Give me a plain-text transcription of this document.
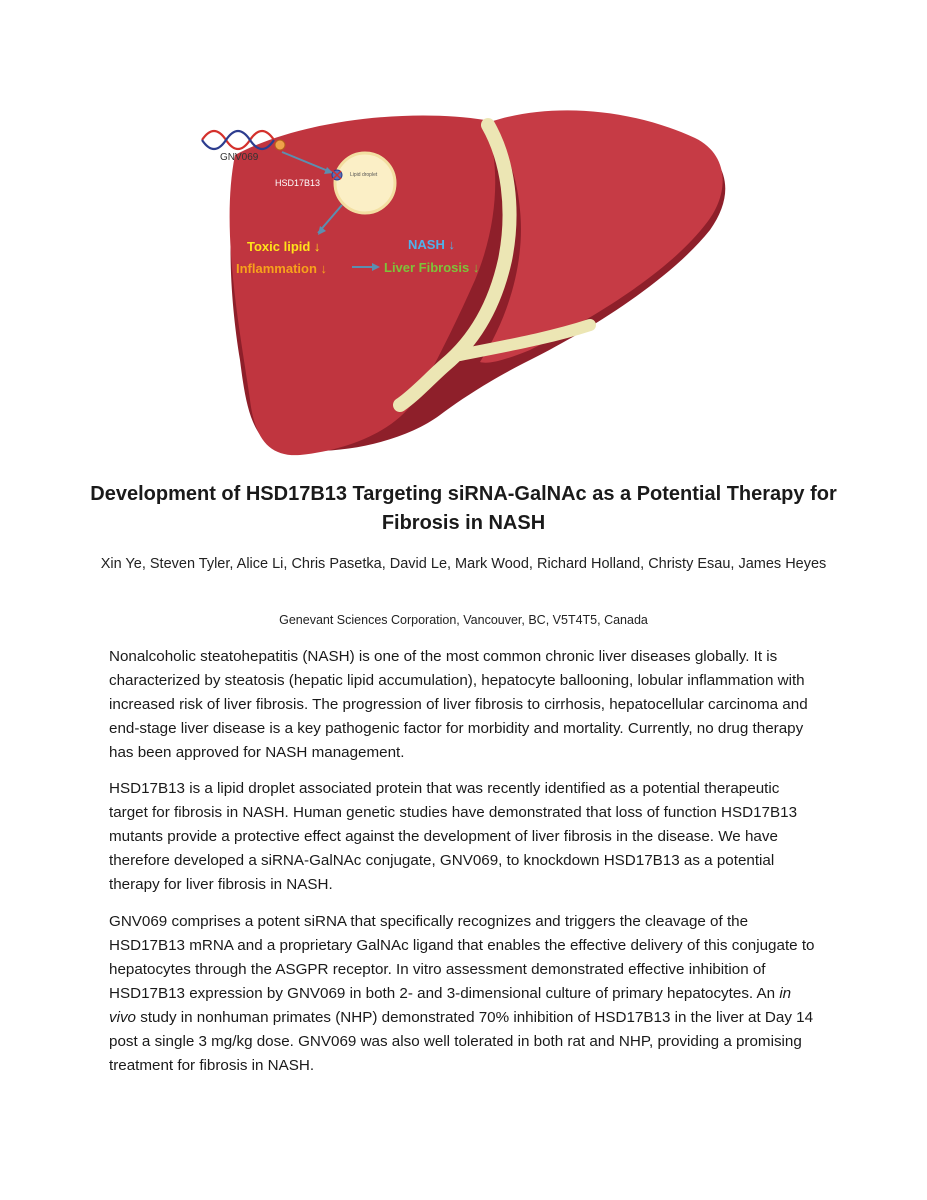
GNV069
HSD17B13
Lipid droplet
Toxic lipid ↓
Inflammation ↓
NASH ↓
Liver Fibrosis ↓
Development of HSD17B13 Targeting siRNA-GalNAc as a Potential Therapy for Fibrosis in NASH
Xin Ye, Steven Tyler, Alice Li, Chris Pasetka, David Le, Mark Wood, Richard Holland, Christy Esau, James Heyes
Genevant Sciences Corporation, Vancouver, BC, V5T4T5, Canada

Nonalcoholic steatohepatitis (NASH) is one of the most common chronic liver diseases globally. It is characterized by steatosis (hepatic lipid accumulation), hepatocyte ballooning, lobular inflammation with increased risk of liver fibrosis. The progression of liver fibrosis to cirrhosis, hepatocellular carcinoma and end-stage liver disease is a key pathogenic factor for morbidity and mortality. Currently, no drug therapy has been approved for NASH management.

HSD17B13 is a lipid droplet associated protein that was recently identified as a potential therapeutic target for fibrosis in NASH. Human genetic studies have demonstrated that loss of function HSD17B13 mutants provide a protective effect against the development of liver fibrosis in the disease. We have therefore developed a siRNA-GalNAc conjugate, GNV069, to knockdown HSD17B13 as a potential therapy for liver fibrosis in NASH.

GNV069 comprises a potent siRNA that specifically recognizes and triggers the cleavage of the HSD17B13 mRNA and a proprietary GalNAc ligand that enables the effective delivery of this conjugate to hepatocytes through the ASGPR receptor. In vitro assessment demonstrated effective inhibition of HSD17B13 expression by GNV069 in both 2- and 3-dimensional culture of primary hepatocytes. An in vivo study in nonhuman primates (NHP) demonstrated 70% inhibition of HSD17B13 in the liver at Day 14 post a single 3 mg/kg dose. GNV069 was also well tolerated in both rat and NHP, providing a promising treatment for fibrosis in NASH.
